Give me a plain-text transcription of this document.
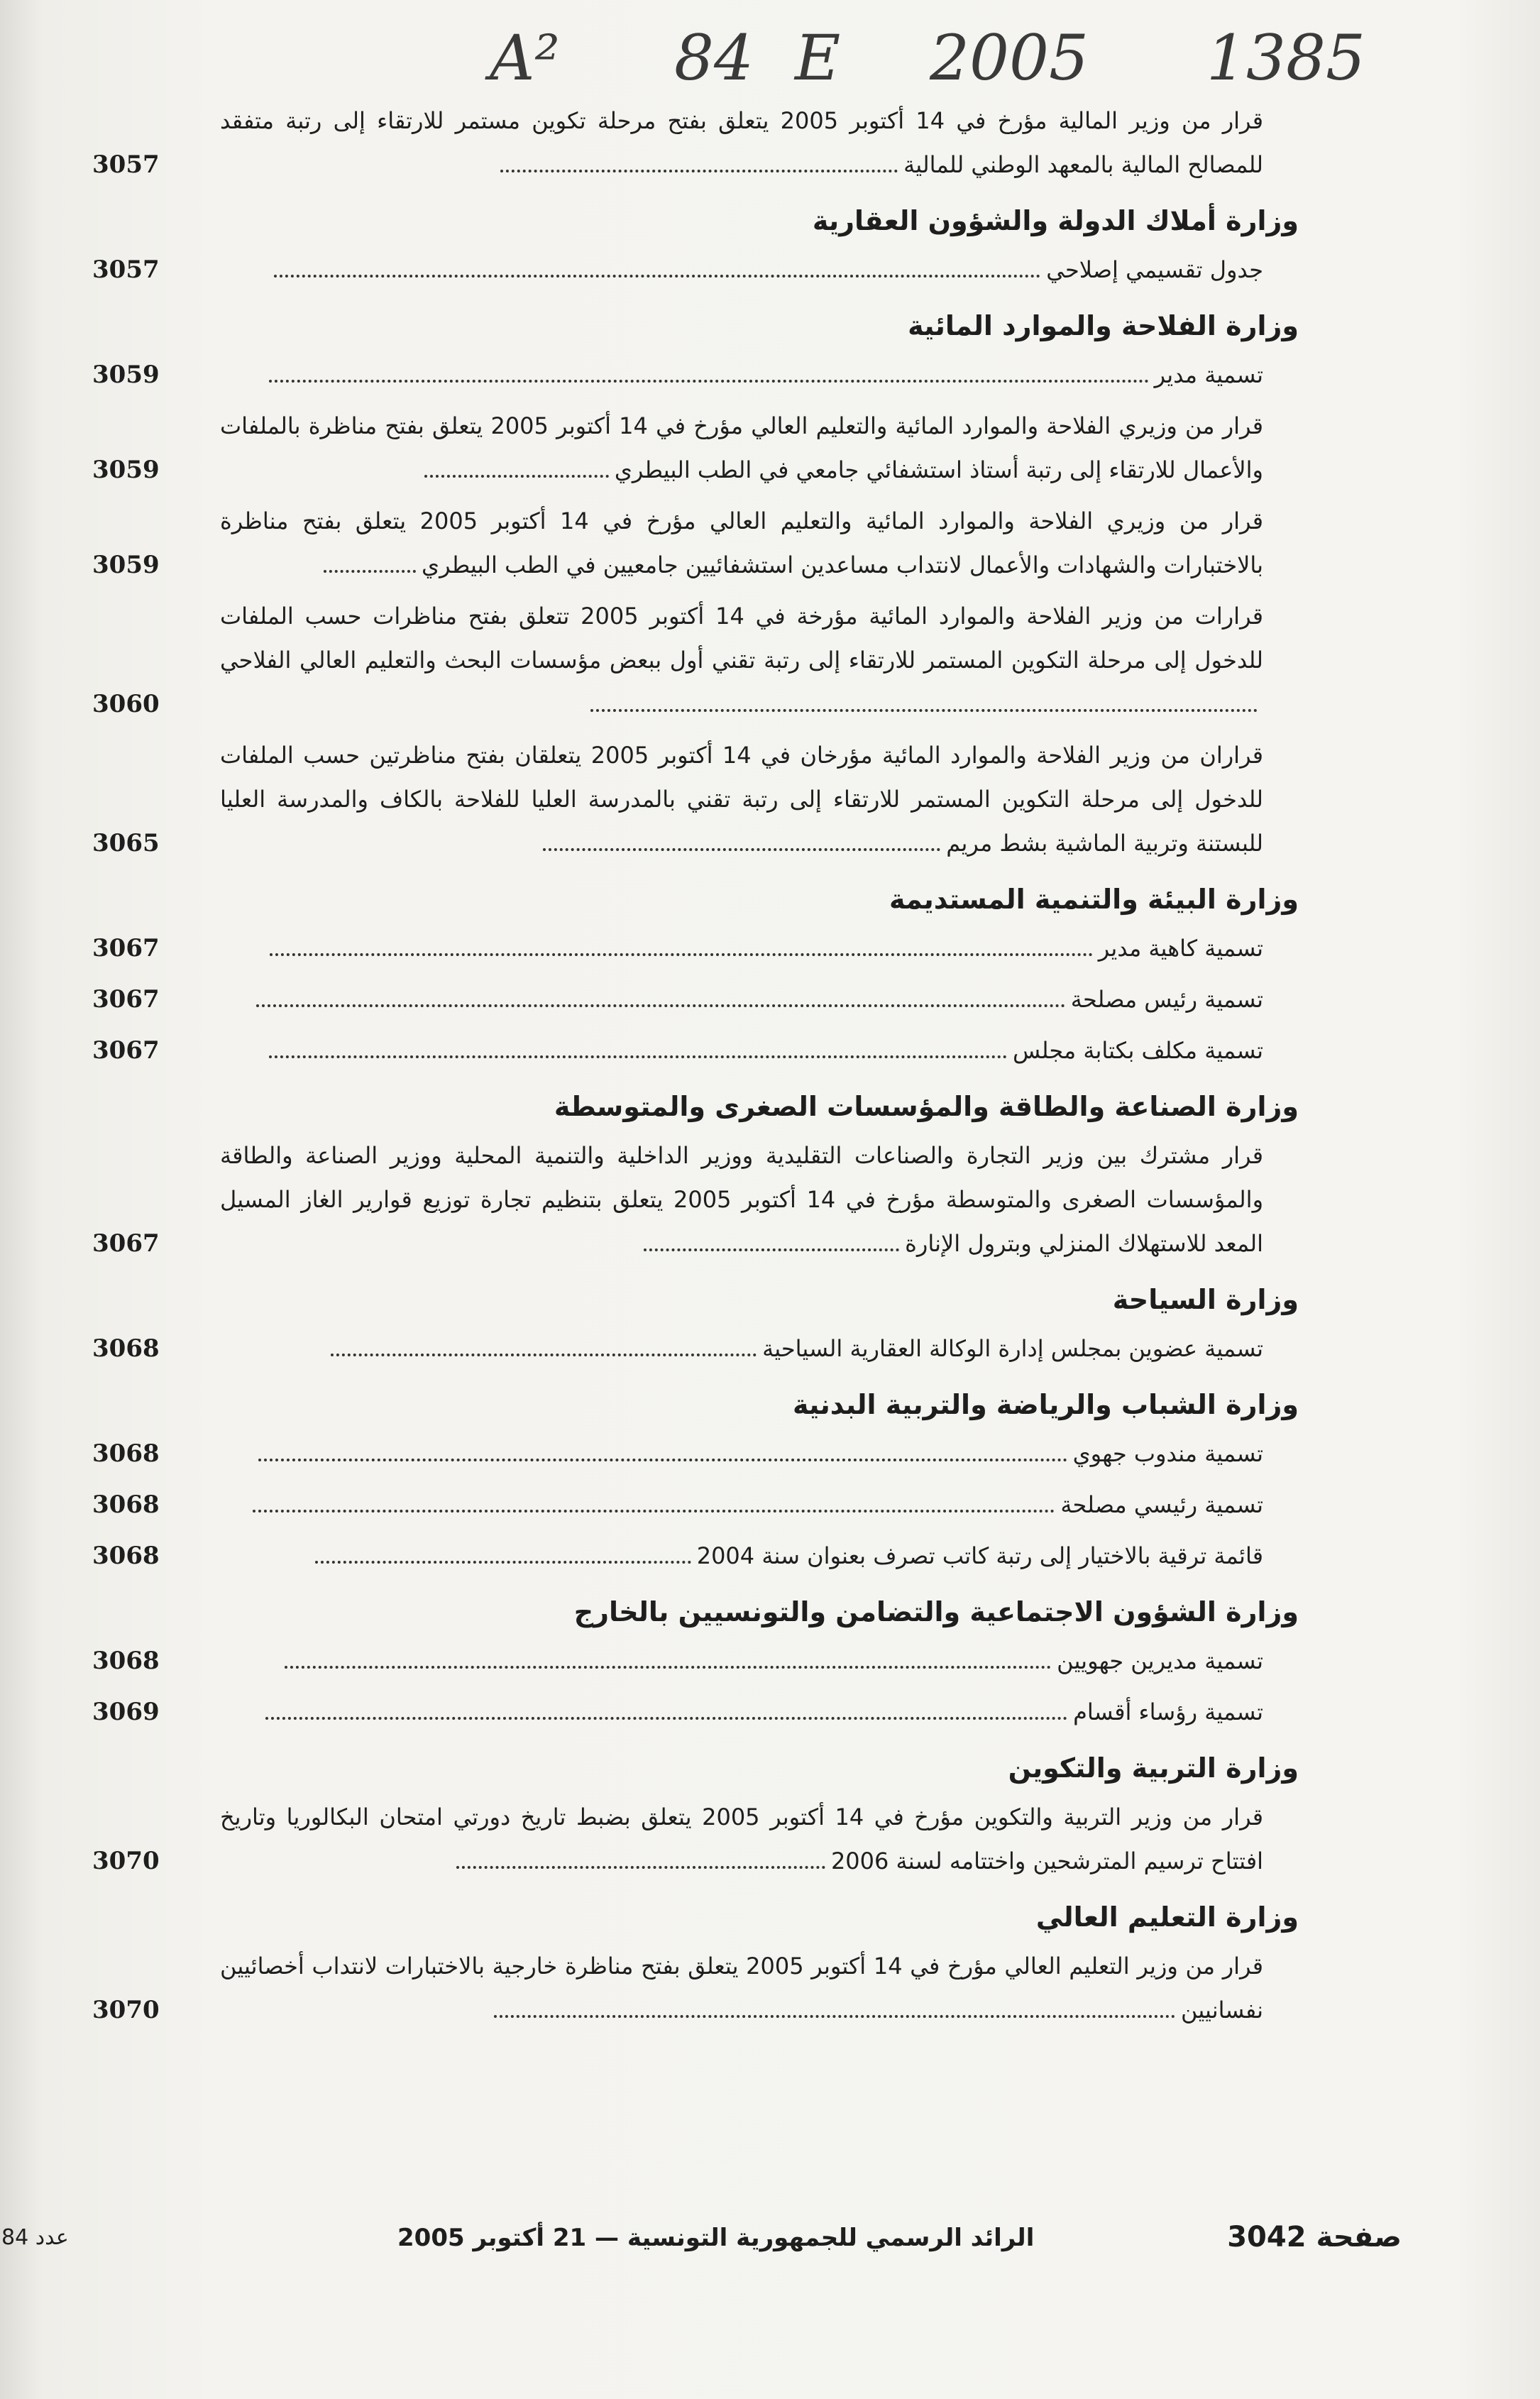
A² 84 E 2005 1385
قرار من وزير المالية مؤرخ في 14 أكتوبر 2005 يتعلق بفتح مرحلة تكوين مستمر للارتقاء إلى رتبة متفقد للمصالح المالية بالمعهد الوطني للمالية
3057
وزارة أملاك الدولة والشؤون العقارية
جدول تقسيمي إصلاحي
3057
وزارة الفلاحة والموارد المائية
تسمية مدير
3059
قرار من وزيري الفلاحة والموارد المائية والتعليم العالي مؤرخ في 14 أكتوبر 2005 يتعلق بفتح مناظرة بالملفات والأعمال للارتقاء إلى رتبة أستاذ استشفائي جامعي في الطب البيطري
3059
قرار من وزيري الفلاحة والموارد المائية والتعليم العالي مؤرخ في 14 أكتوبر 2005 يتعلق بفتح مناظرة بالاختبارات والشهادات والأعمال لانتداب مساعدين استشفائيين جامعيين في الطب البيطري
3059
قرارات من وزير الفلاحة والموارد المائية مؤرخة في 14 أكتوبر 2005 تتعلق بفتح مناظرات حسب الملفات للدخول إلى مرحلة التكوين المستمر للارتقاء إلى رتبة تقني أول ببعض مؤسسات البحث والتعليم العالي الفلاحي
3060
قراران من وزير الفلاحة والموارد المائية مؤرخان في 14 أكتوبر 2005 يتعلقان بفتح مناظرتين حسب الملفات للدخول إلى مرحلة التكوين المستمر للارتقاء إلى رتبة تقني بالمدرسة العليا للفلاحة بالكاف والمدرسة العليا للبستنة وتربية الماشية بشط مريم
3065
وزارة البيئة والتنمية المستديمة
تسمية كاهية مدير
3067
تسمية رئيس مصلحة
3067
تسمية مكلف بكتابة مجلس
3067
وزارة الصناعة والطاقة والمؤسسات الصغرى والمتوسطة
قرار مشترك بين وزير التجارة والصناعات التقليدية ووزير الداخلية والتنمية المحلية ووزير الصناعة والطاقة والمؤسسات الصغرى والمتوسطة مؤرخ في 14 أكتوبر 2005 يتعلق بتنظيم تجارة توزيع قوارير الغاز المسيل المعد للاستهلاك المنزلي وبترول الإنارة
3067
وزارة السياحة
تسمية عضوين بمجلس إدارة الوكالة العقارية السياحية
3068
وزارة الشباب والرياضة والتربية البدنية
تسمية مندوب جهوي
3068
تسمية رئيسي مصلحة
3068
قائمة ترقية بالاختيار إلى رتبة كاتب تصرف بعنوان سنة 2004
3068
وزارة الشؤون الاجتماعية والتضامن والتونسيين بالخارج
تسمية مديرين جهويين
3068
تسمية رؤساء أقسام
3069
وزارة التربية والتكوين
قرار من وزير التربية والتكوين مؤرخ في 14 أكتوبر 2005 يتعلق بضبط تاريخ دورتي امتحان البكالوريا وتاريخ افتتاح ترسيم المترشحين واختتامه لسنة 2006
3070
وزارة التعليم العالي
قرار من وزير التعليم العالي مؤرخ في 14 أكتوبر 2005 يتعلق بفتح مناظرة خارجية بالاختبارات لانتداب أخصائيين نفسانيين
3070
عدد 84	الرائد الرسمي للجمهورية التونسية — 21 أكتوبر 2005	صفحة 3042
